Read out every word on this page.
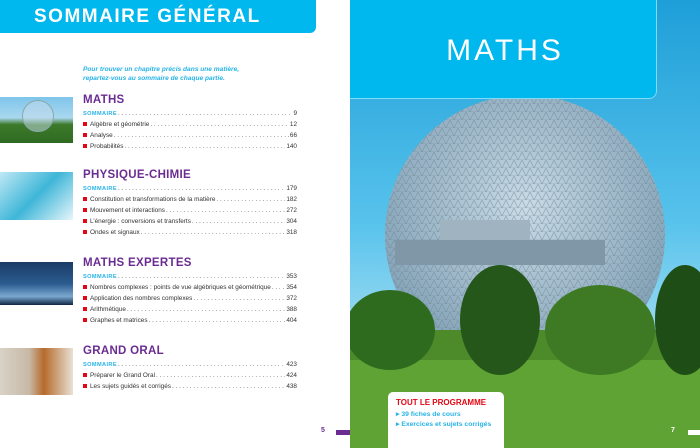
SOMMAIRE GÉNÉRAL
Pour trouver un chapitre précis dans une matière,
repartez-vous au sommaire de chaque partie.
MATHS
SOMMAIRE . . .	9
Algèbre et géométrie . . .	12
Analyse . . .	66
Probabilités . . .	140
PHYSIQUE-CHIMIE
SOMMAIRE . . .	179
Constitution et transformations de la matière . . .	182
Mouvement et interactions . . .	272
L’énergie : conversions et transferts . . .	304
Ondes et signaux . . .	318
MATHS EXPERTES
SOMMAIRE . . .	353
Nombres complexes : points de vue algébriques et géométrique . . . 354
Application des nombres complexes . . .	372
Arithmétique . . .	388
Graphes et matrices . . .	404
GRAND ORAL
SOMMAIRE . . .	423
Préparer le Grand Oral . . .	424
Les sujets guidés et corrigés . . .	438
5
MATHS
TOUT LE PROGRAMME

▸ 39 fiches de cours

▸ Exercices et sujets corrigés

7
